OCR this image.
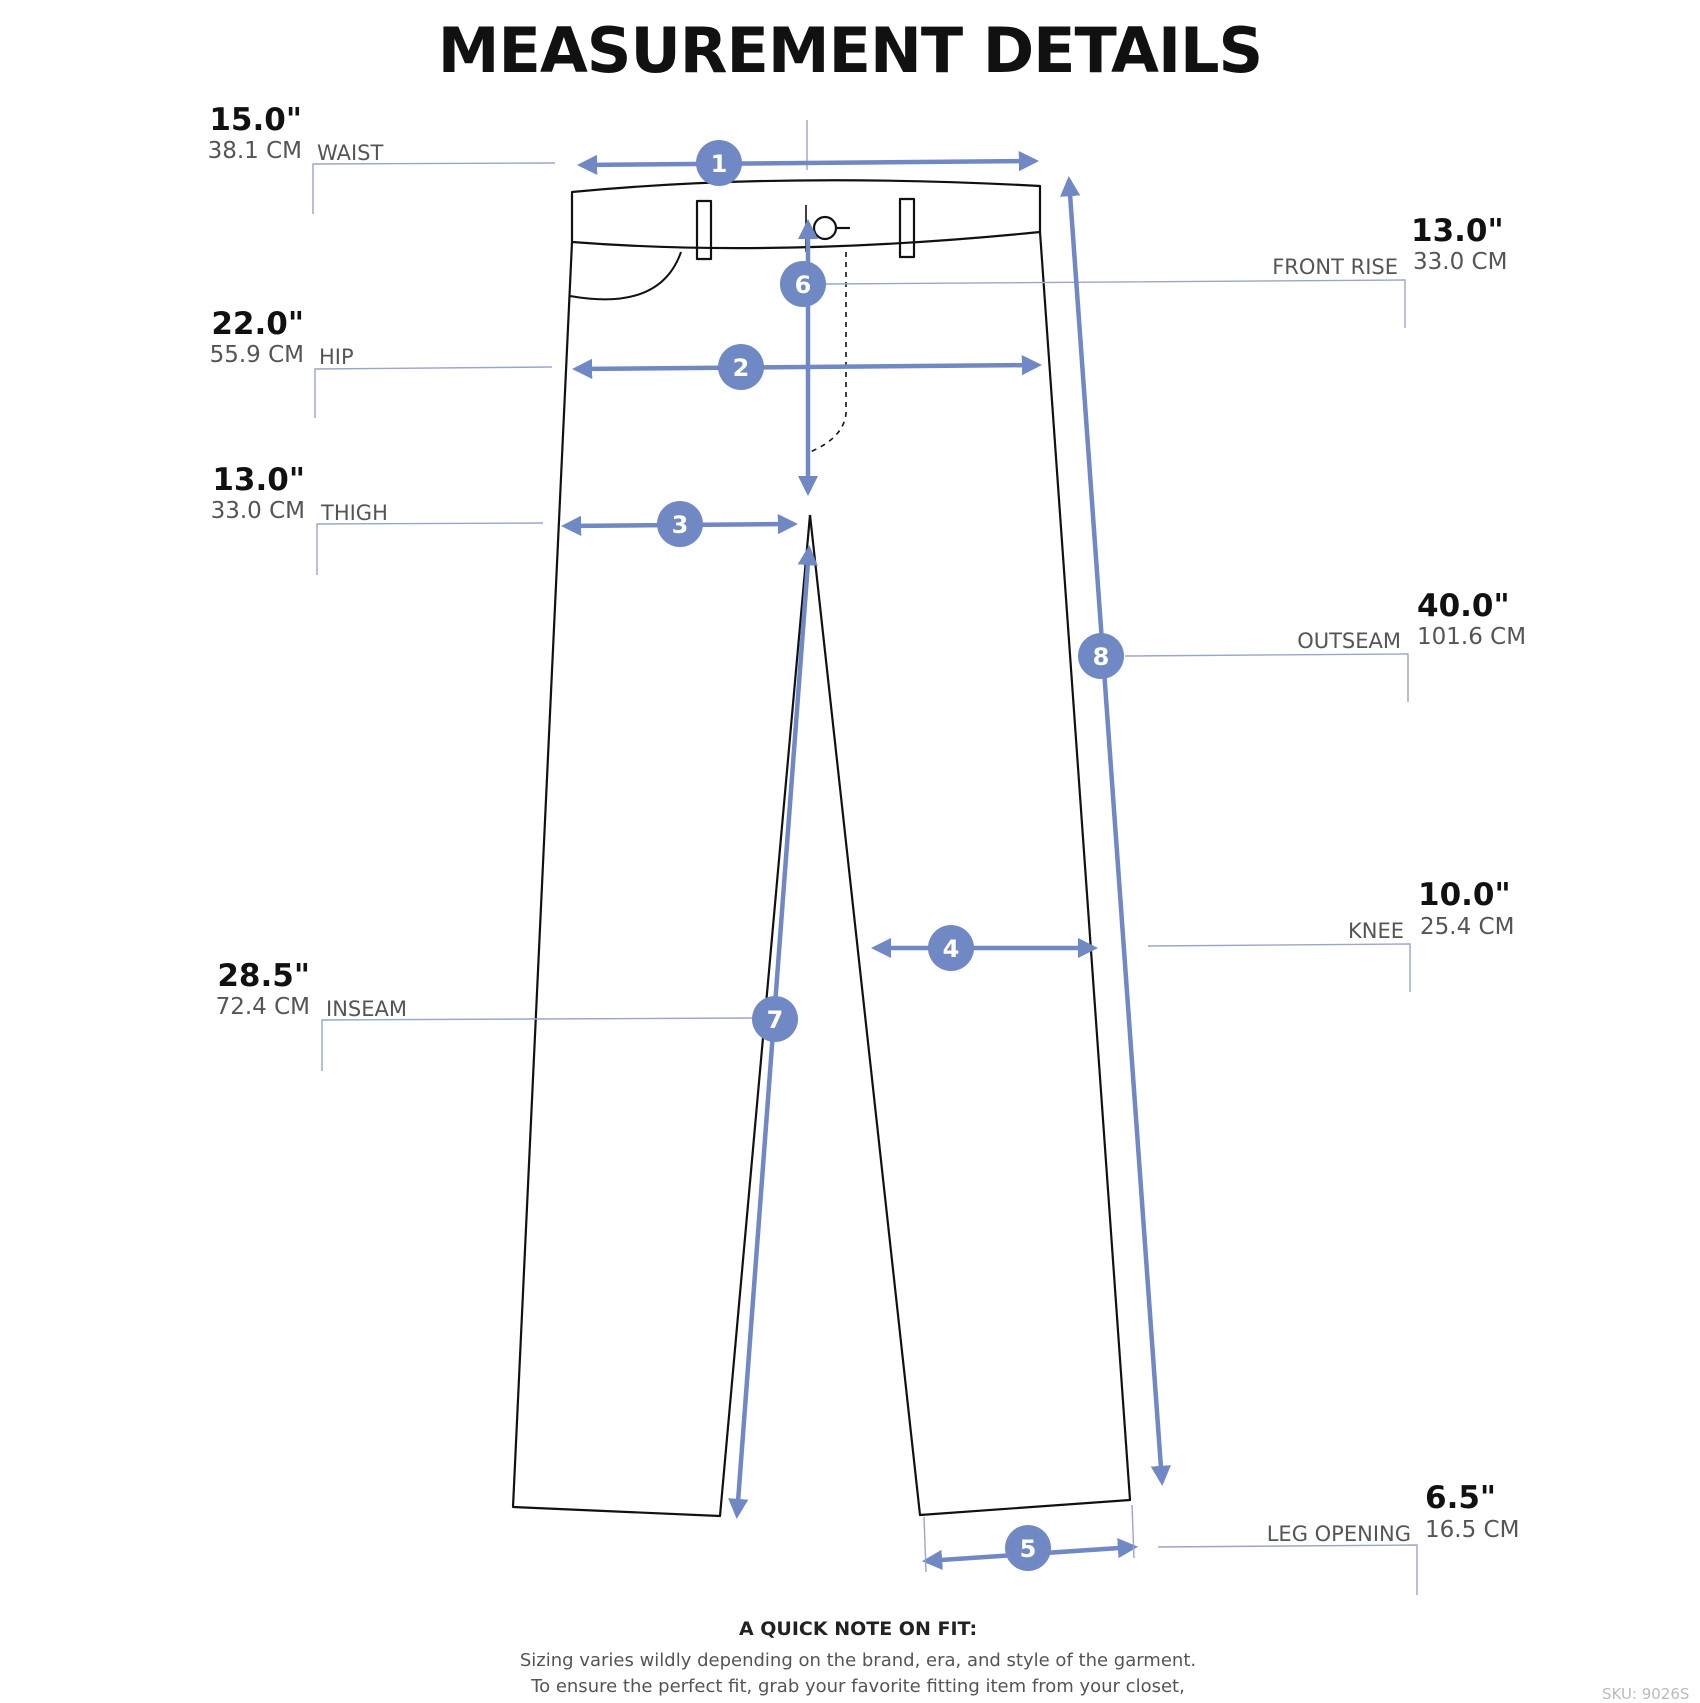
MEASUREMENT DETAILS
1
2
3
4
5
6
7
8
15.0"
38.1 CM WAIST
22.0"
55.9 CM HIP
13.0"
33.0 CM THIGH
28.5"
72.4 CM INSEAM
13.0"
33.0 CM
FRONT RISE
40.0"
101.6 CM
OUTSEAM
10.0"
25.4 CM
KNEE
6.5"
16.5 CM
LEG OPENING
A QUICK NOTE ON FIT:
Sizing varies wildly depending on the brand, era, and style of the garment.
To ensure the perfect fit, grab your favorite fitting item from your closet,	SKU: 9026S
